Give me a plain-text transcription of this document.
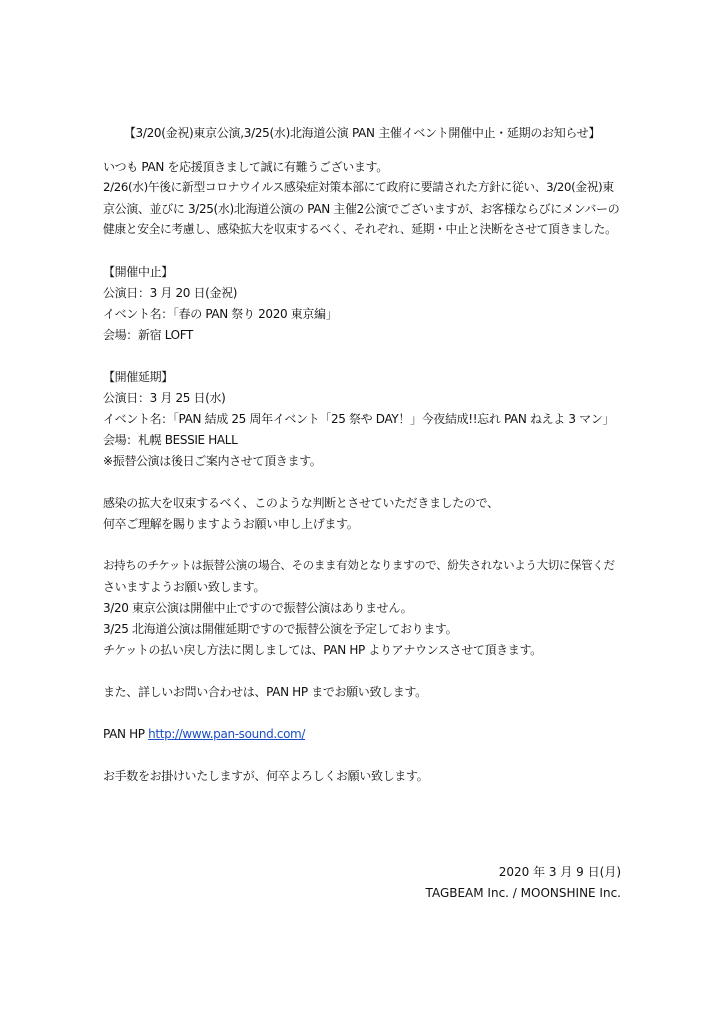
【3/20(金祝)東京公演,3/25(水)北海道公演 PAN 主催イベント開催中止・延期のお知らせ】
いつも PAN を応援頂きまして誠に有難うございます。
2/26(水)午後に新型コロナウイルス感染症対策本部にて政府に要請された方針に従い、3/20(金祝)東
京公演、並びに 3/25(水)北海道公演の PAN 主催2公演でございますが、お客様ならびにメンバーの
健康と安全に考慮し、感染拡大を収束するべく、それぞれ、延期・中止と決断をさせて頂きました。
【開催中止】
公演日：3 月 20 日(金祝)
イベント名：「春の PAN 祭り 2020 東京編」
会場：新宿 LOFT
【開催延期】
公演日：3 月 25 日(水)
イベント名：「PAN 結成 25 周年イベント「25 祭や DAY！」今夜結成!!忘れ PAN ねえよ 3 マン」
会場：札幌 BESSIE HALL
※振替公演は後日ご案内させて頂きます。
感染の拡大を収束するべく、このような判断とさせていただきましたので、
何卒ご理解を賜りますようお願い申し上げます。
お持ちのチケットは振替公演の場合、そのまま有効となりますので、紛失されないよう大切に保管くだ
さいますようお願い致します。
3/20 東京公演は開催中止ですので振替公演はありません。
3/25 北海道公演は開催延期ですので振替公演を予定しております。
チケットの払い戻し方法に関しましては、PAN HP よりアナウンスさせて頂きます。
また、詳しいお問い合わせは、PAN HP までお願い致します。
PAN HP http://www.pan-sound.com/
お手数をお掛けいたしますが、何卒よろしくお願い致します。
2020 年 3 月 9 日(月)
TAGBEAM Inc. / MOONSHINE Inc.
